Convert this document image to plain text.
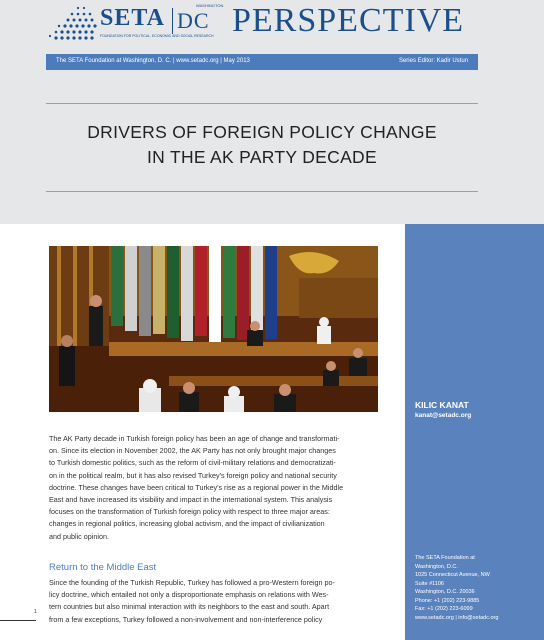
SETA	WASHINGTON
DC
FOUNDATION FOR POLITICAL, ECONOMIC AND SOCIAL RESEARCH PERSPECTIVE
The SETA Foundation at Washington, D. C. | www.setadc.org | May 2013	Series Editor: Kadir Ustun
DRIVERS OF FOREIGN POLICY CHANGE
IN THE AK PARTY DECADE

The AK Party decade in Turkish foreign policy has been an age of change and transformati-

on. Since its election in November 2002, the AK Party has not only brought major changes

to Turkish domestic politics, such as the reform of civil-military relations and democratizati-

on in the political realm, but it has also revised Turkey's foreign policy and national security

doctrine. These changes have been critical to Turkey's rise as a regional power in the Middle

East and have increased its visibility and impact in the international system. This analysis

focuses on the transformation of Turkish foreign policy with respect to three major areas:

changes in regional politics, increasing global activism, and the impact of civilianization

and public opinion.

Return to the Middle East

Since the founding of the Turkish Republic, Turkey has followed a pro-Western foreign po-

licy doctrine, which entailed not only a disproportionate emphasis on relations with Wes-

tern countries but also minimal interaction with its neighbors to the east and south. Apart

from a few exceptions, Turkey followed a non-involvement and non-interference policy

1
KILIC KANAT
kanat@setadc.org
The SETA Foundation at
Washington, D.C.
1025 Connecticut Avenue, NW
Suite #1106
Washington, D.C. 20036
Phone: +1 (202) 223-9885
Fax: +1 (202) 223-6099
www.setadc.org | info@setadc.org
